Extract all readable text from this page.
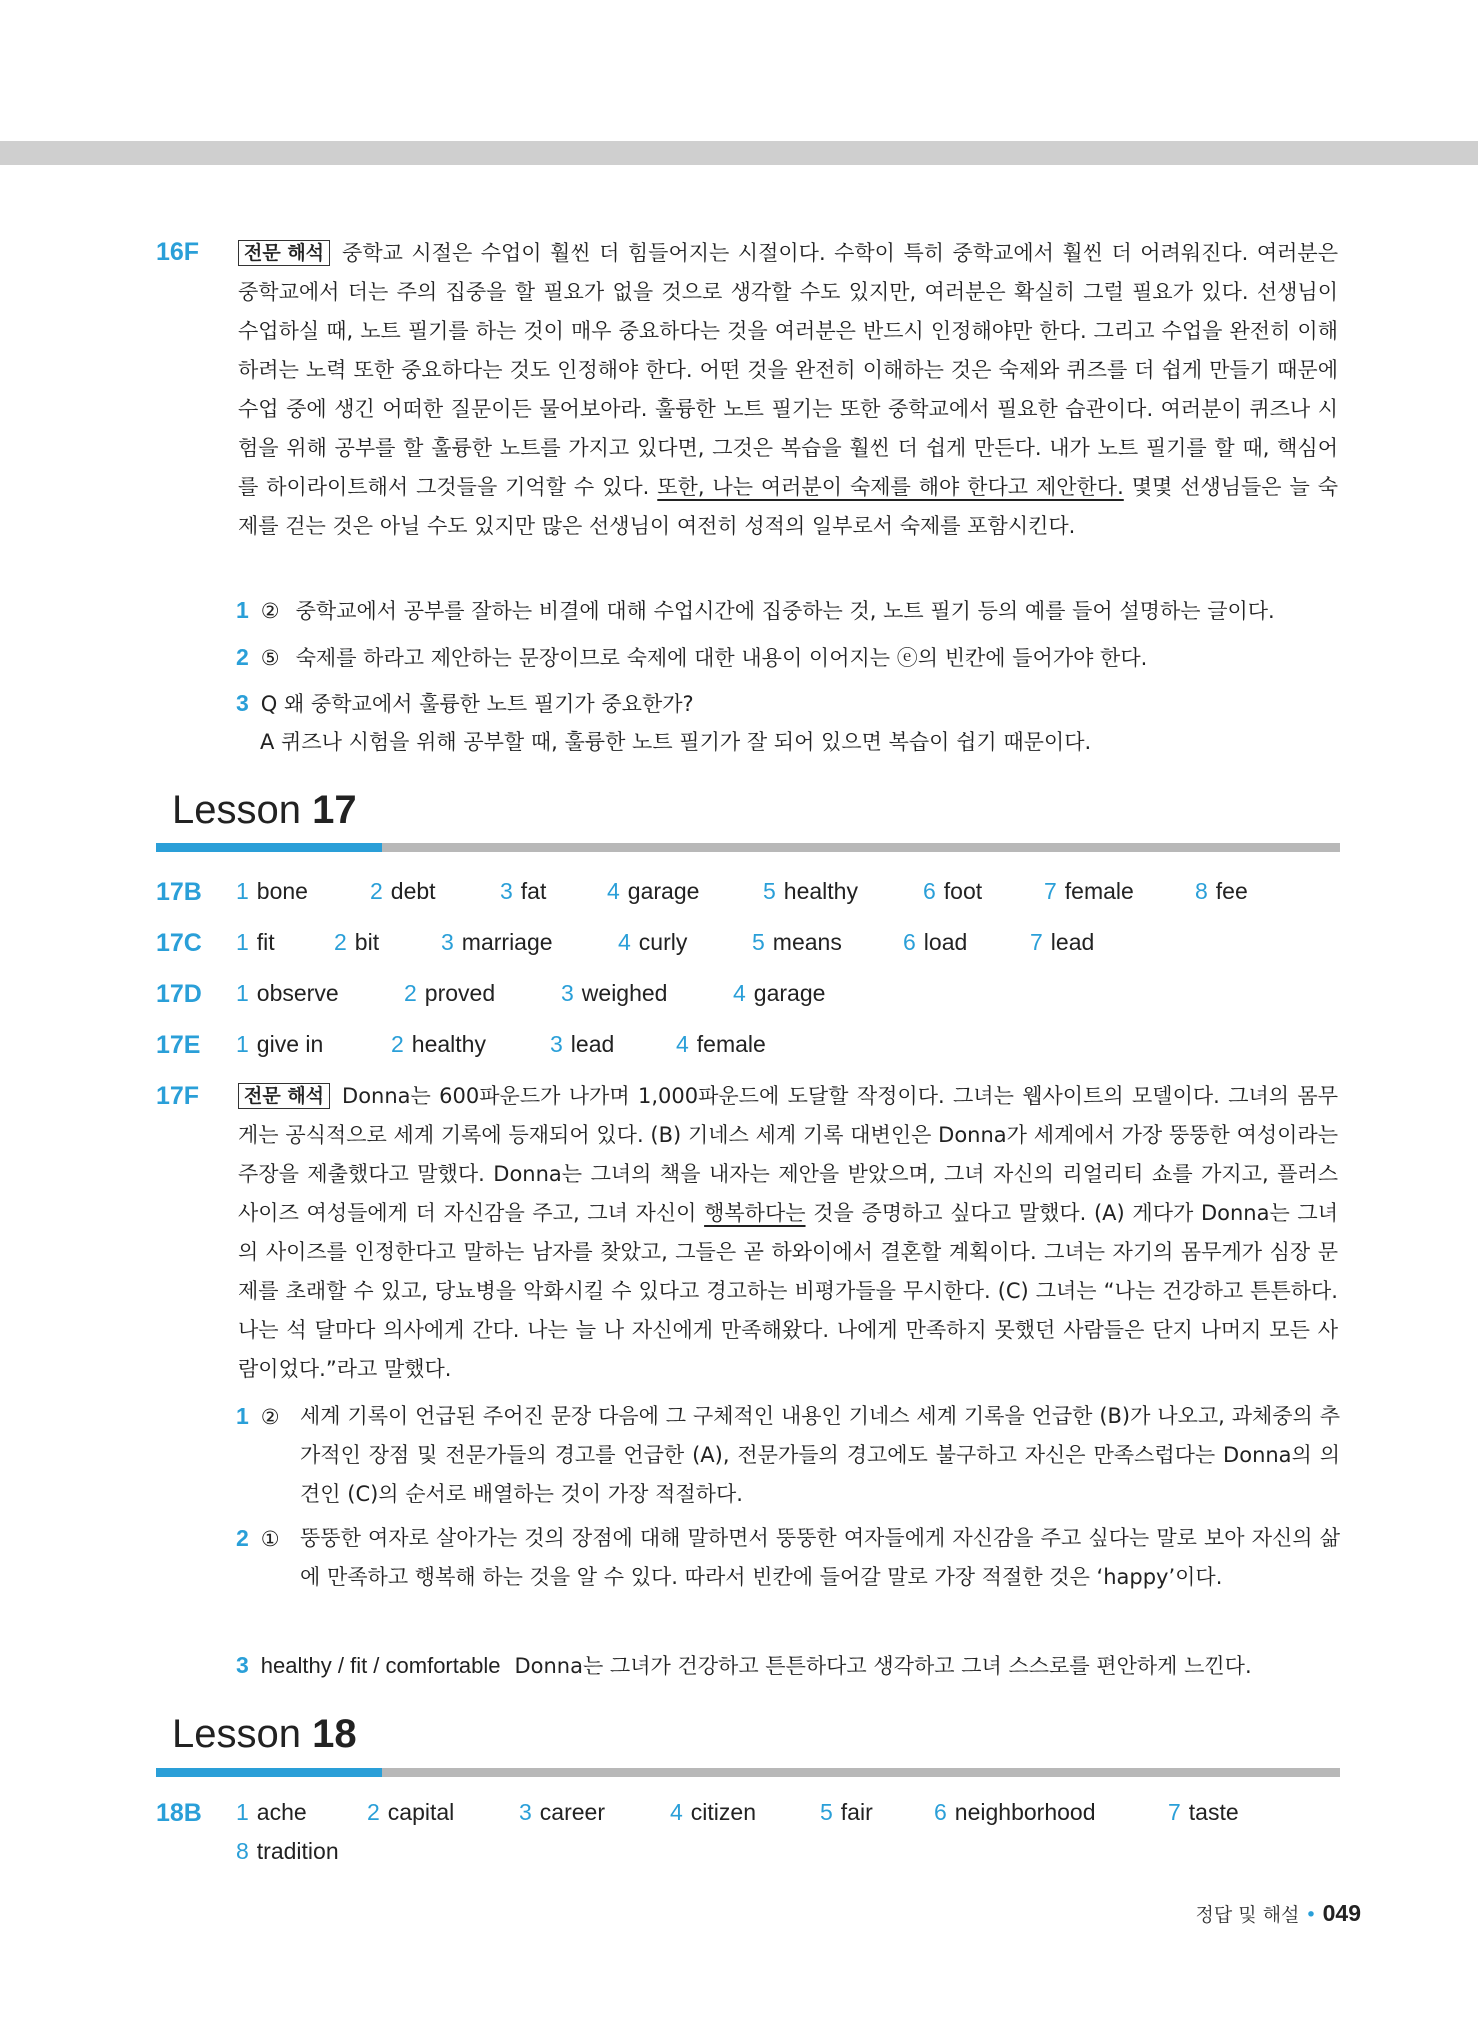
16F	전문 해석 중학교 시절은 수업이 훨씬 더 힘들어지는 시절이다. 수학이 특히 중학교에서 훨씬 더 어려워진다. 여러분은 중학교에서 더는 주의 집중을 할 필요가 없을 것으로 생각할 수도 있지만, 여러분은 확실히 그럴 필요가 있다. 선생님이 수업하실 때, 노트 필기를 하는 것이 매우 중요하다는 것을 여러분은 반드시 인정해야만 한다. 그리고 수업을 완전히 이해하려는 노력 또한 중요하다는 것도 인정해야 한다. 어떤 것을 완전히 이해하는 것은 숙제와 퀴즈를 더 쉽게 만들기 때문에 수업 중에 생긴 어떠한 질문이든 물어보아라. 훌륭한 노트 필기는 또한 중학교에서 필요한 습관이다. 여러분이 퀴즈나 시험을 위해 공부를 할 훌륭한 노트를 가지고 있다면, 그것은 복습을 훨씬 더 쉽게 만든다. 내가 노트 필기를 할 때, 핵심어를 하이라이트해서 그것들을 기억할 수 있다. 또한, 나는 여러분이 숙제를 해야 한다고 제안한다. 몇몇 선생님들은 늘 숙제를 걷는 것은 아닐 수도 있지만 많은 선생님이 여전히 성적의 일부로서 숙제를 포함시킨다.
1 ② 중학교에서 공부를 잘하는 비결에 대해 수업시간에 집중하는 것, 노트 필기 등의 예를 들어 설명하는 글이다.
2 ⑤ 숙제를 하라고 제안하는 문장이므로 숙제에 대한 내용이 이어지는 ⓔ의 빈칸에 들어가야 한다.
3 Q 왜 중학교에서 훌륭한 노트 필기가 중요한가?
A 퀴즈나 시험을 위해 공부할 때, 훌륭한 노트 필기가 잘 되어 있으면 복습이 쉽기 때문이다.
Lesson 17
17B 1 bone	2 debt	3 fat	4 garage	5 healthy	6 foot	7 female	8 fee
17C 1 fit	2 bit	3 marriage	4 curly	5 means	6 load	7 lead
17D 1 observe	2 proved	3 weighed	4 garage
17E 1 give in	2 healthy	3 lead	4 female
17F	전문 해석 Donna는 600파운드가 나가며 1,000파운드에 도달할 작정이다. 그녀는 웹사이트의 모델이다. 그녀의 몸무게는 공식적으로 세계 기록에 등재되어 있다. (B) 기네스 세계 기록 대변인은 Donna가 세계에서 가장 뚱뚱한 여성이라는 주장을 제출했다고 말했다. Donna는 그녀의 책을 내자는 제안을 받았으며, 그녀 자신의 리얼리티 쇼를 가지고, 플러스 사이즈 여성들에게 더 자신감을 주고, 그녀 자신이 행복하다는 것을 증명하고 싶다고 말했다. (A) 게다가 Donna는 그녀의 사이즈를 인정한다고 말하는 남자를 찾았고, 그들은 곧 하와이에서 결혼할 계획이다. 그녀는 자기의 몸무게가 심장 문제를 초래할 수 있고, 당뇨병을 악화시킬 수 있다고 경고하는 비평가들을 무시한다. (C) 그녀는 “나는 건강하고 튼튼하다. 나는 석 달마다 의사에게 간다. 나는 늘 나 자신에게 만족해왔다. 나에게 만족하지 못했던 사람들은 단지 나머지 모든 사람이었다.”라고 말했다.
1 ② 세계 기록이 언급된 주어진 문장 다음에 그 구체적인 내용인 기네스 세계 기록을 언급한 (B)가 나오고, 과체중의 추가적인 장점 및 전문가들의 경고를 언급한 (A), 전문가들의 경고에도 불구하고 자신은 만족스럽다는 Donna의 의견인 (C)의 순서로 배열하는 것이 가장 적절하다.
2 ① 뚱뚱한 여자로 살아가는 것의 장점에 대해 말하면서 뚱뚱한 여자들에게 자신감을 주고 싶다는 말로 보아 자신의 삶에 만족하고 행복해 하는 것을 알 수 있다. 따라서 빈칸에 들어갈 말로 가장 적절한 것은 ‘happy’이다.
3 healthy / fit / comfortable Donna는 그녀가 건강하고 튼튼하다고 생각하고 그녀 스스로를 편안하게 느낀다.
Lesson 18
18B 1 ache	2 capital	3 career	4 citizen	5 fair	6 neighborhood	7 taste
8 tradition
정답 및 해설 • 049
